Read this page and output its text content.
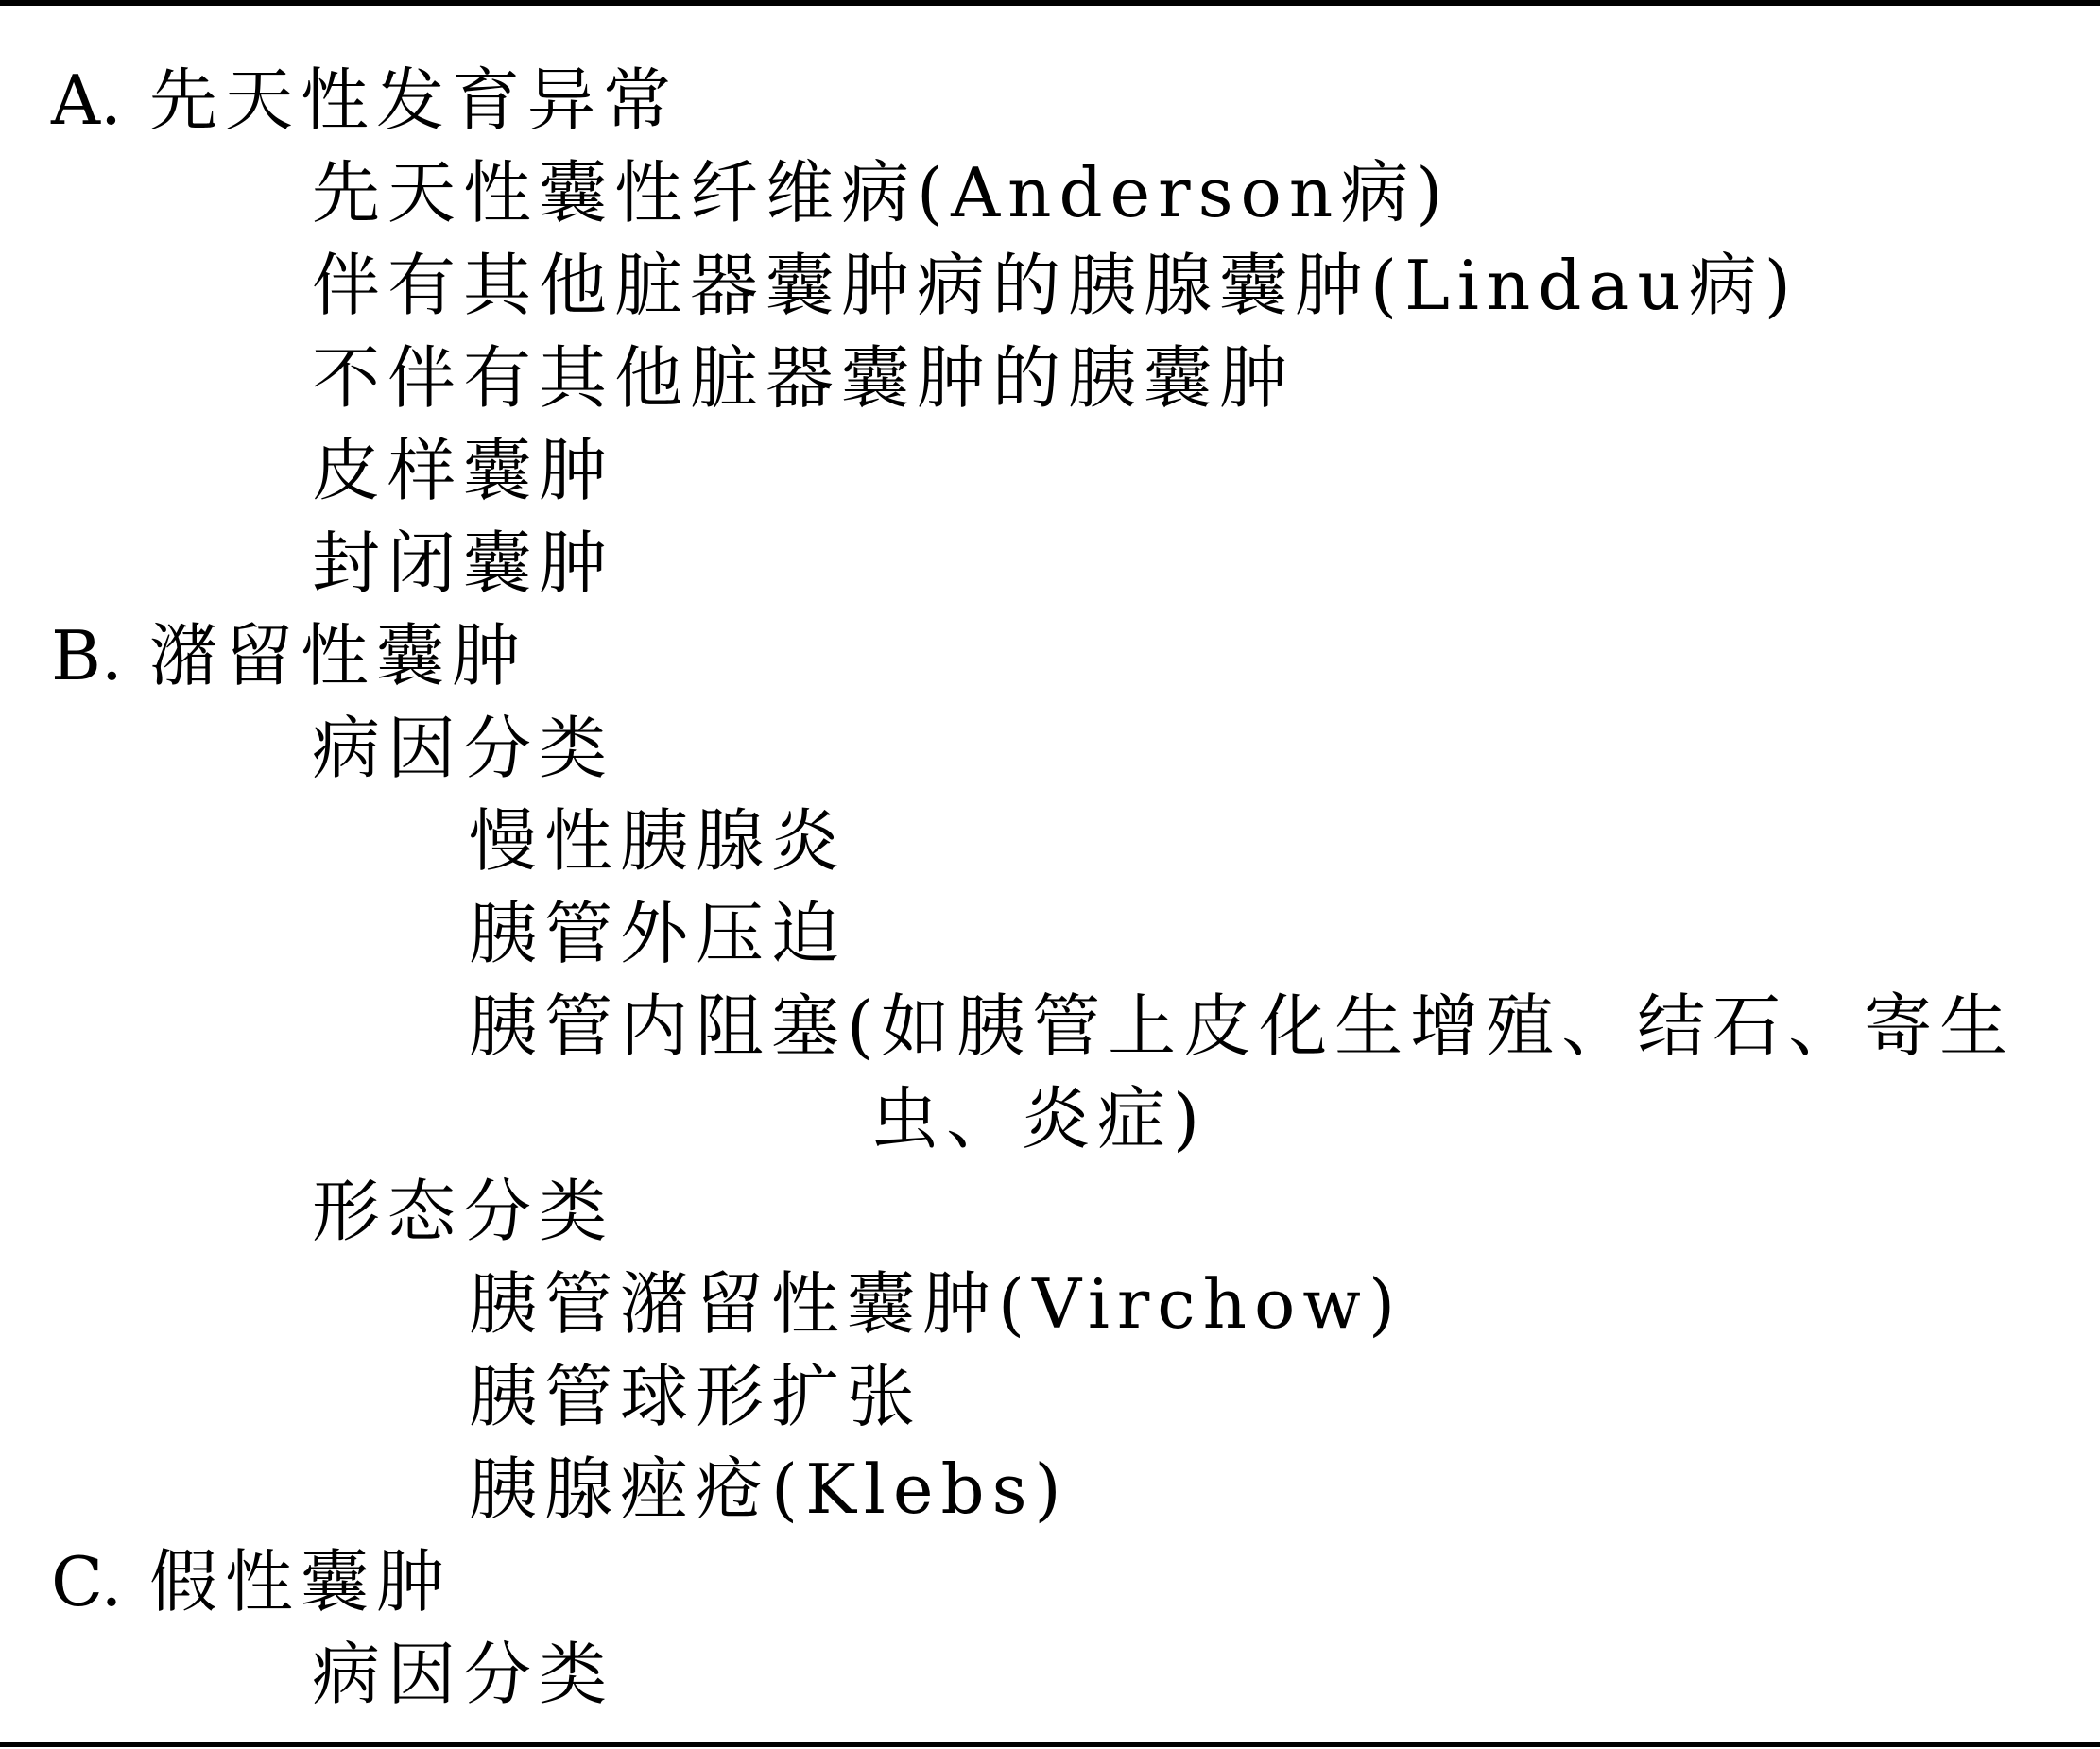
A. 先天性发育异常
先天性囊性纤维病(Anderson病)
伴有其他脏器囊肿病的胰腺囊肿(Lindau病)
不伴有其他脏器囊肿的胰囊肿
皮样囊肿
封闭囊肿
B. 潴留性囊肿
病因分类
慢性胰腺炎
胰管外压迫
胰管内阻塞(如胰管上皮化生增殖、结石、寄生
虫、炎症)
形态分类
胰管潴留性囊肿(Virchow)
胰管球形扩张
胰腺痤疮(Klebs)
C. 假性囊肿
病因分类
